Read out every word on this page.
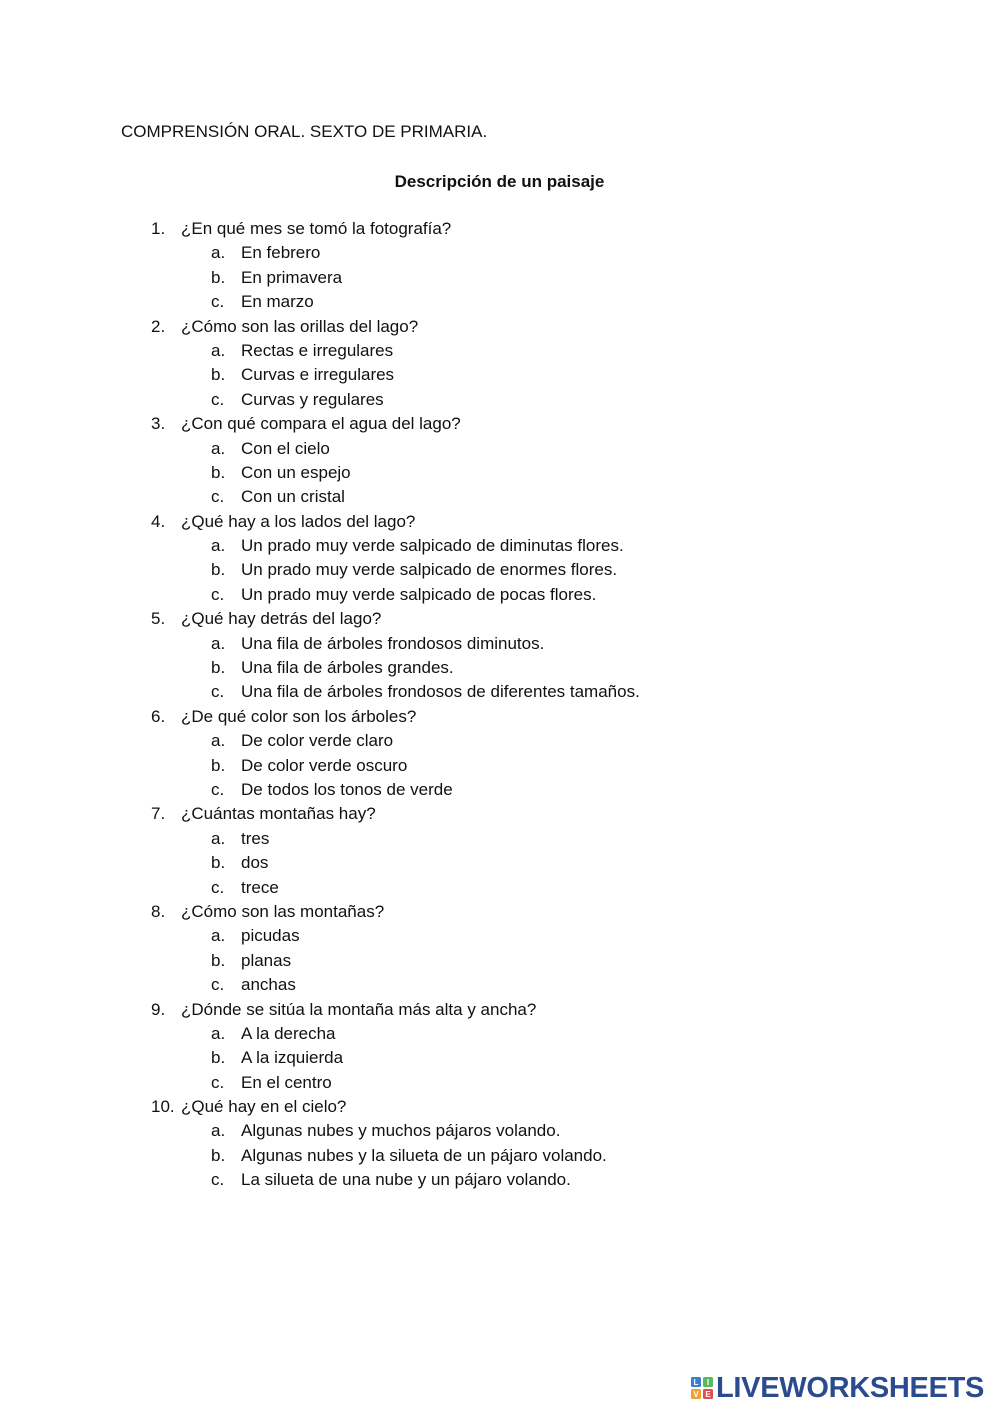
COMPRENSIÓN ORAL. SEXTO DE PRIMARIA.
Descripción de un paisaje
1. ¿En qué mes se tomó la fotografía?
a. En febrero
b. En primavera
c. En marzo
2. ¿Cómo son las orillas del lago?
a. Rectas e irregulares
b. Curvas e irregulares
c. Curvas y regulares
3. ¿Con qué compara el agua del lago?
a. Con el cielo
b. Con un espejo
c. Con un cristal
4. ¿Qué hay a los lados del lago?
a. Un prado muy verde salpicado de diminutas flores.
b. Un prado muy verde salpicado de enormes flores.
c. Un prado muy verde salpicado de pocas flores.
5. ¿Qué hay detrás del lago?
a. Una fila de árboles frondosos diminutos.
b. Una fila de árboles grandes.
c. Una fila de árboles frondosos de diferentes tamaños.
6. ¿De qué color son los árboles?
a. De color verde claro
b. De color verde oscuro
c. De todos los tonos de verde
7. ¿Cuántas montañas hay?
a. tres
b. dos
c. trece
8. ¿Cómo son las montañas?
a. picudas
b. planas
c. anchas
9. ¿Dónde se sitúa la montaña más alta y ancha?
a. A la derecha
b. A la izquierda
c. En el centro
10. ¿Qué hay en el cielo?
a. Algunas nubes y muchos pájaros volando.
b. Algunas nubes y la silueta de un pájaro volando.
c. La silueta de una nube y un pájaro volando.
L I
V E LIVEWORKSHEETS
